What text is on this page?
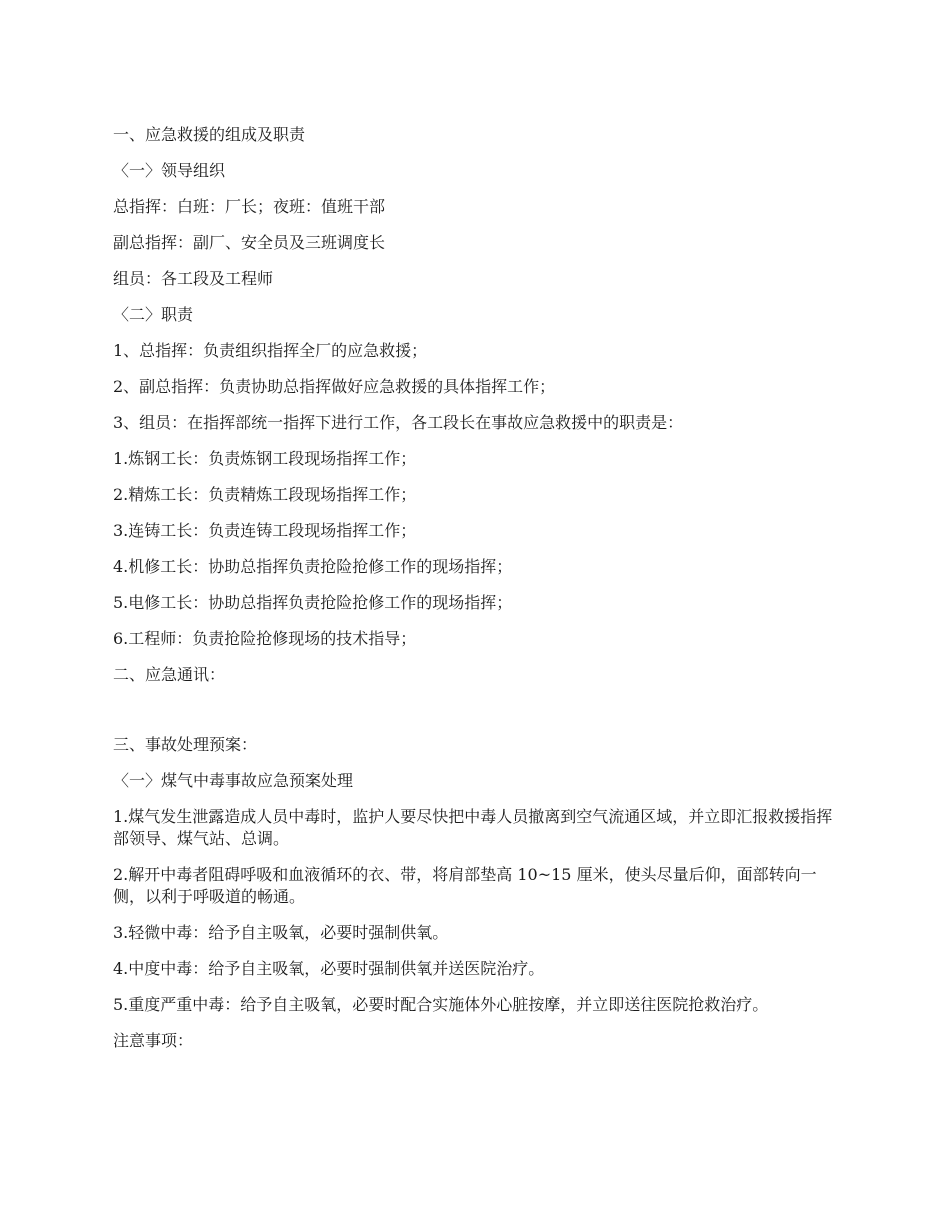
一、应急救援的组成及职责
〈一〉领导组织
总指挥：白班：厂长；夜班：值班干部
副总指挥：副厂、安全员及三班调度长
组员：各工段及工程师
〈二〉职责
1、总指挥：负责组织指挥全厂的应急救援；
2、副总指挥：负责协助总指挥做好应急救援的具体指挥工作；
3、组员：在指挥部统一指挥下进行工作，各工段长在事故应急救援中的职责是：
1.炼钢工长：负责炼钢工段现场指挥工作；
2.精炼工长：负责精炼工段现场指挥工作；
3.连铸工长：负责连铸工段现场指挥工作；
4.机修工长：协助总指挥负责抢险抢修工作的现场指挥；
5.电修工长：协助总指挥负责抢险抢修工作的现场指挥；
6.工程师：负责抢险抢修现场的技术指导；
二、应急通讯：
三、事故处理预案：
〈一〉煤气中毒事故应急预案处理
1.煤气发生泄露造成人员中毒时，监护人要尽快把中毒人员撤离到空气流通区域，并立即汇报救援指挥部领导、煤气站、总调。
2.解开中毒者阻碍呼吸和血液循环的衣、带，将肩部垫高 10~15 厘米，使头尽量后仰，面部转向一侧，以利于呼吸道的畅通。
3.轻微中毒：给予自主吸氧，必要时强制供氧。
4.中度中毒：给予自主吸氧，必要时强制供氧并送医院治疗。
5.重度严重中毒：给予自主吸氧，必要时配合实施体外心脏按摩，并立即送往医院抢救治疗。
注意事项：
